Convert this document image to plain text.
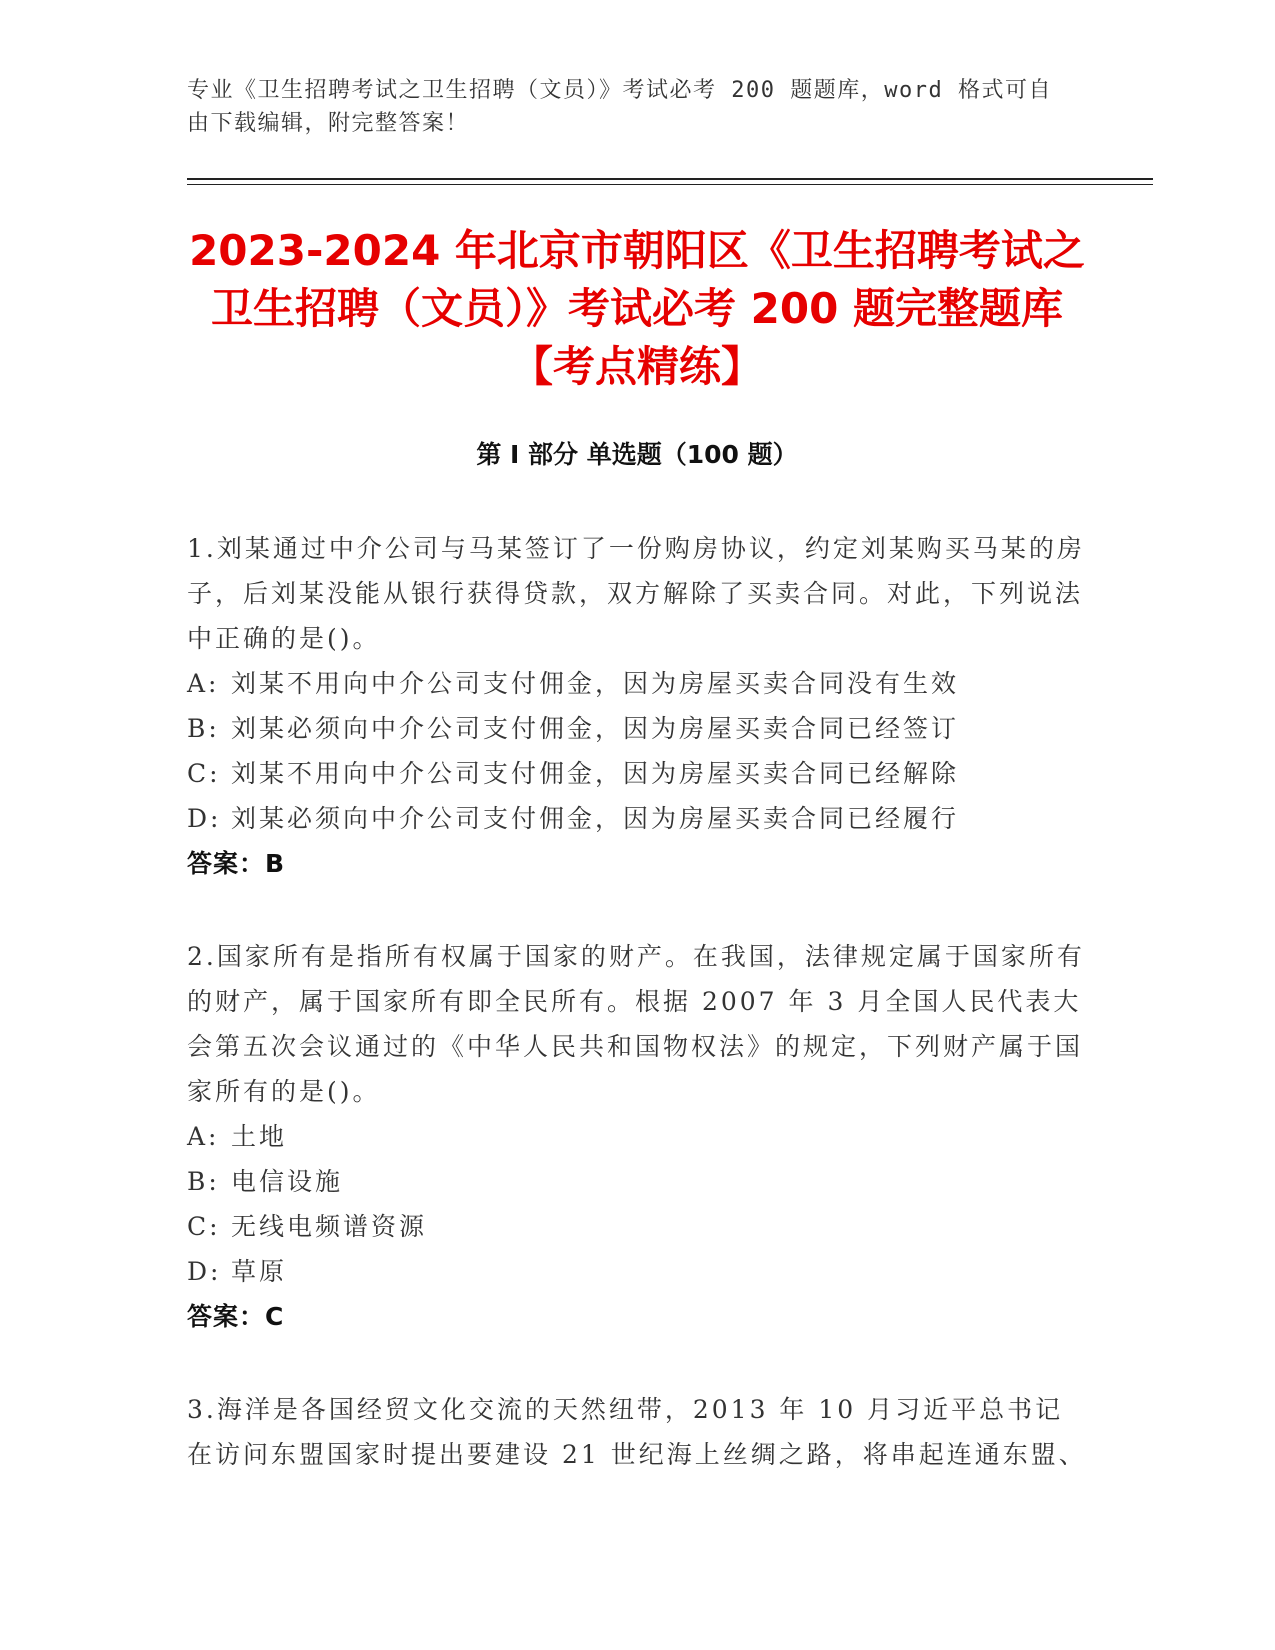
专业《卫生招聘考试之卫生招聘（文员）》考试必考 200 题题库，word 格式可自由下载编辑，附完整答案！
2023-2024 年北京市朝阳区《卫生招聘考试之卫生招聘（文员）》考试必考 200 题完整题库【考点精练】
第 I 部分 单选题（100 题）
1.刘某通过中介公司与马某签订了一份购房协议，约定刘某购买马某的房子，后刘某没能从银行获得贷款，双方解除了买卖合同。对此，下列说法中正确的是()。
A: 刘某不用向中介公司支付佣金，因为房屋买卖合同没有生效
B: 刘某必须向中介公司支付佣金，因为房屋买卖合同已经签订
C: 刘某不用向中介公司支付佣金，因为房屋买卖合同已经解除
D: 刘某必须向中介公司支付佣金，因为房屋买卖合同已经履行
答案：B
2.国家所有是指所有权属于国家的财产。在我国，法律规定属于国家所有的财产，属于国家所有即全民所有。根据 2007 年 3 月全国人民代表大会第五次会议通过的《中华人民共和国物权法》的规定，下列财产属于国家所有的是()。
A: 土地
B: 电信设施
C: 无线电频谱资源
D: 草原
答案：C
3.海洋是各国经贸文化交流的天然纽带，2013 年 10 月习近平总书记在访问东盟国家时提出要建设 21 世纪海上丝绸之路，将串起连通东盟、
